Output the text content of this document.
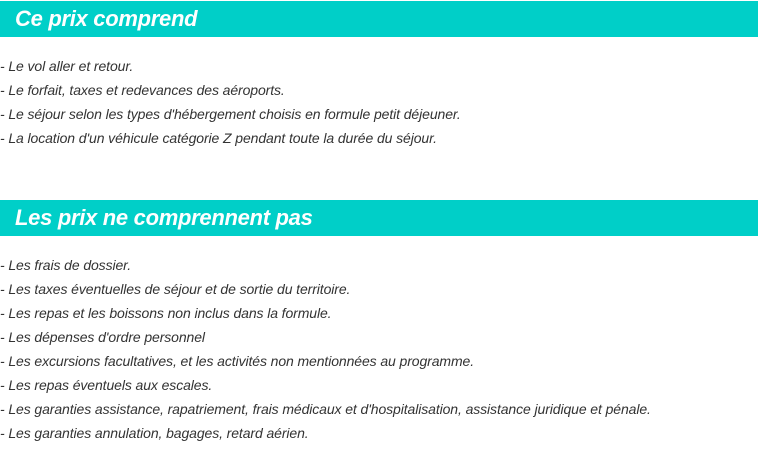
Ce prix comprend
- Le vol aller et retour.
- Le forfait, taxes et redevances des aéroports.
- Le séjour selon les types d'hébergement choisis en formule petit déjeuner.
- La location d'un véhicule catégorie Z pendant toute la durée du séjour.
Les prix ne comprennent pas
- Les frais de dossier.
- Les taxes éventuelles de séjour et de sortie du territoire.
- Les repas et les boissons non inclus dans la formule.
- Les dépenses d'ordre personnel
- Les excursions facultatives, et les activités non mentionnées au programme.
- Les repas éventuels aux escales.
- Les garanties assistance, rapatriement, frais médicaux et d'hospitalisation, assistance juridique et pénale.
- Les garanties annulation, bagages, retard aérien.
